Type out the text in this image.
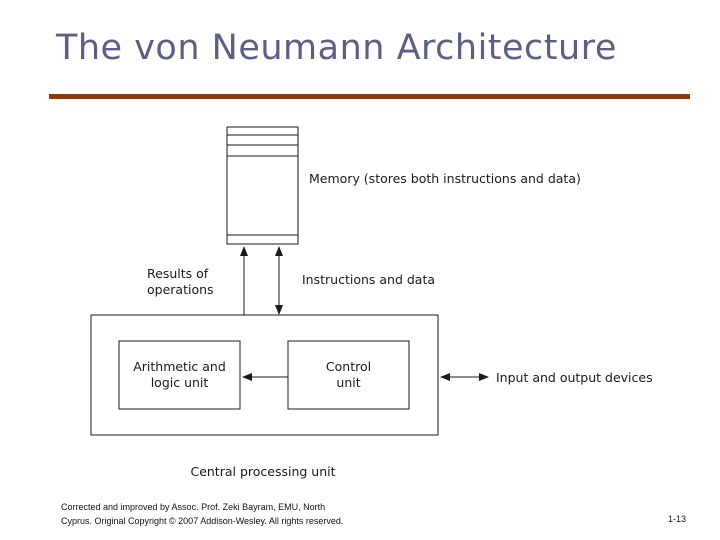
The von Neumann Architecture
Memory (stores both instructions and data)
Results of
operations
Instructions and data
Arithmetic and
logic unit
Control
unit	Input and output devices
Central processing unit
Corrected and improved by Assoc. Prof. Zeki Bayram, EMU, North
Cyprus. Original Copyright © 2007 Addison-Wesley. All rights reserved.	1-13
